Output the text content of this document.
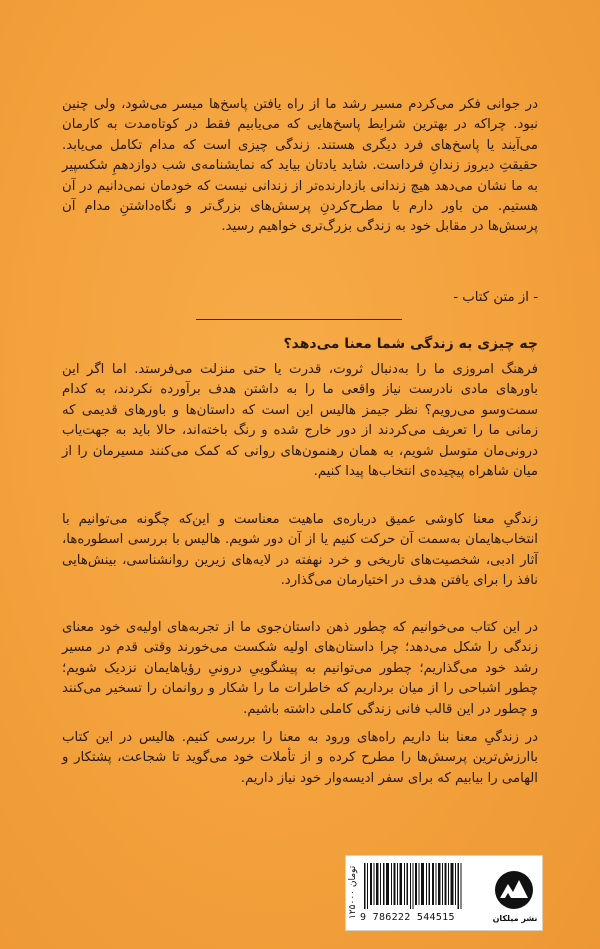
در جوانی فکر می‌کردم مسیر رشد ما از راه یافتن پاسخ‌ها میسر می‌شود، ولی چنین نبود. چراکه در بهترین شرایط پاسخ‌هایی که می‌یابیم فقط در کوتاه‌مدت به کارمان می‌آیند یا پاسخ‌های فرد دیگری هستند. زندگی چیزی است که مدام تکامل می‌یابد. حقیقتِ دیروز زندانِ فرداست. شاید یادتان بیاید که نمایشنامه‌ی شب دوازدهمِ شکسپیر به ما نشان می‌دهد هیچ زندانی بازدارنده‌تر از زندانی نیست که خودمان نمی‌دانیم در آن هستیم. من باور دارم با مطرح‌کردنِ پرسش‌های بزرگ‌تر و نگاه‌داشتنِ مدام آن پرسش‌ها در مقابل خود به زندگی بزرگ‌تری خواهیم رسید.

- از متن کتاب -

چه چیزی به زندگی شما معنا می‌دهد؟

فرهنگ امروزی ما را به‌دنبال ثروت، قدرت یا حتی منزلت می‌فرستد. اما اگر این باورهای مادی نادرست نیاز واقعی ما را به داشتن هدف برآورده نکردند، به کدام سمت‌وسو می‌رویم؟ نظر جیمز هالیس این است که داستان‌ها و باورهای قدیمی که زمانی ما را تعریف می‌کردند از دور خارج شده و رنگ باخته‌اند، حالا باید به جهت‌یاب درونی‌مان متوسل شویم، به همان رهنمون‌های روانی که کمک می‌کنند مسیرمان را از میان شاهراه پیچیده‌ی انتخاب‌ها پیدا کنیم.

زندگیِ معنا کاوشی عمیق درباره‌ی ماهیت معناست و این‌که چگونه می‌توانیم با انتخاب‌هایمان به‌سمت آن حرکت کنیم یا از آن دور شویم. هالیس با بررسی اسطوره‌ها، آثار ادبی، شخصیت‌های تاریخی و خرد نهفته در لایه‌های زیرین روانشناسی، بینش‌هایی نافذ را برای یافتن هدف در اختیارمان می‌گذارد.

در این کتاب می‌خوانیم که چطور ذهن داستان‌جوی ما از تجربه‌های اولیه‌ی خود معنای زندگی را شکل می‌دهد؛ چرا داستان‌های اولیه شکست می‌خورند وقتی قدم در مسیر رشد خود می‌گذاریم؛ چطور می‌توانیم به پیشگوییِ درونیِ رؤیاهایمان نزدیک شویم؛ چطور اشباحی را از میان برداریم که خاطرات ما را شکار و روانمان را تسخیر می‌کنند و چطور در این قالب فانی زندگی کاملی داشته باشیم.

در زندگیِ معنا بنا داریم راه‌های ورود به معنا را بررسی کنیم. هالیس در این کتاب باارزش‌ترین پرسش‌ها را مطرح کرده و از تأملات خود می‌گوید تا شجاعت، پشتکار و الهامی را بیابیم که برای سفر ادیسه‌وار خود نیاز داریم.

۱۲۵۰۰۰ تومان
9 786222 544515	نشر میلکان
